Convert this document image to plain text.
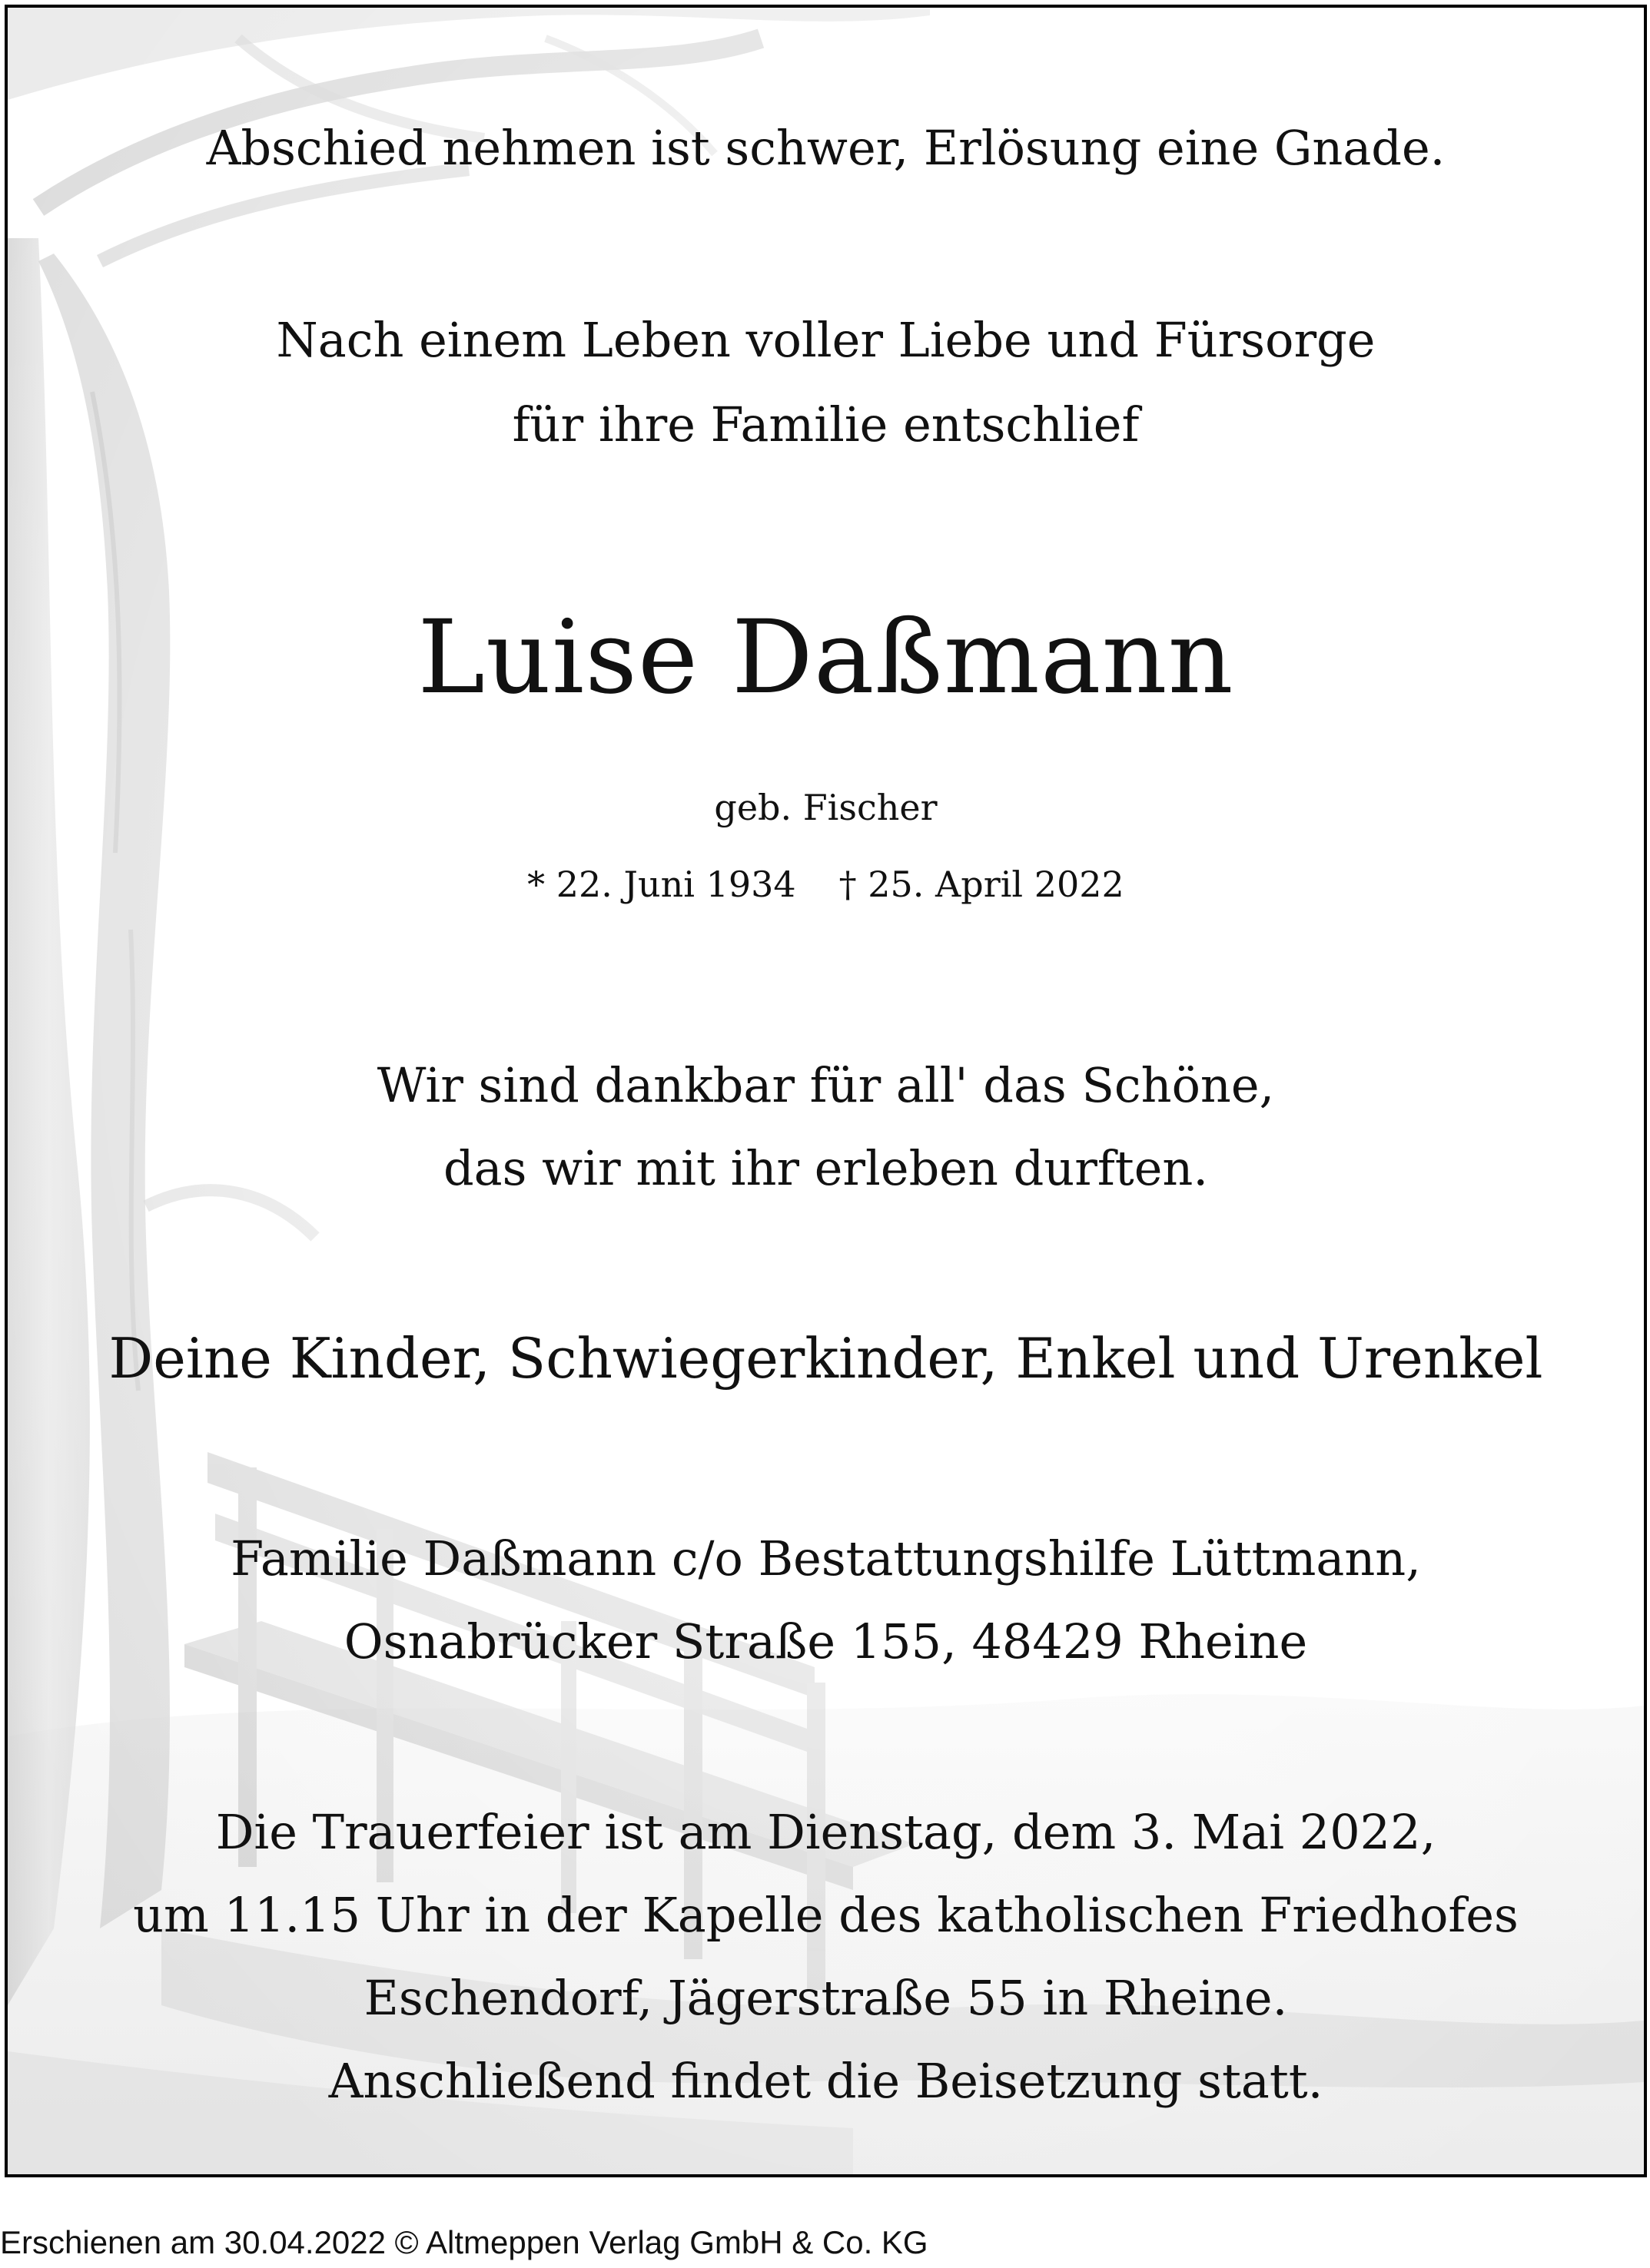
Abschied nehmen ist schwer, Erlösung eine Gnade.
Nach einem Leben voller Liebe und Fürsorge
für ihre Familie entschlief
Luise Daßmann
geb. Fischer
* 22. Juni 1934 † 25. April 2022
Wir sind dankbar für all' das Schöne,
das wir mit ihr erleben durften.
Deine Kinder, Schwiegerkinder, Enkel und Urenkel
Familie Daßmann c/o Bestattungshilfe Lüttmann,
Osnabrücker Straße 155, 48429 Rheine
Die Trauerfeier ist am Dienstag, dem 3. Mai 2022,
um 11.15 Uhr in der Kapelle des katholischen Friedhofes
Eschendorf, Jägerstraße 55 in Rheine.
Anschließend findet die Beisetzung statt.
Erschienen am 30.04.2022 © Altmeppen Verlag GmbH & Co. KG
